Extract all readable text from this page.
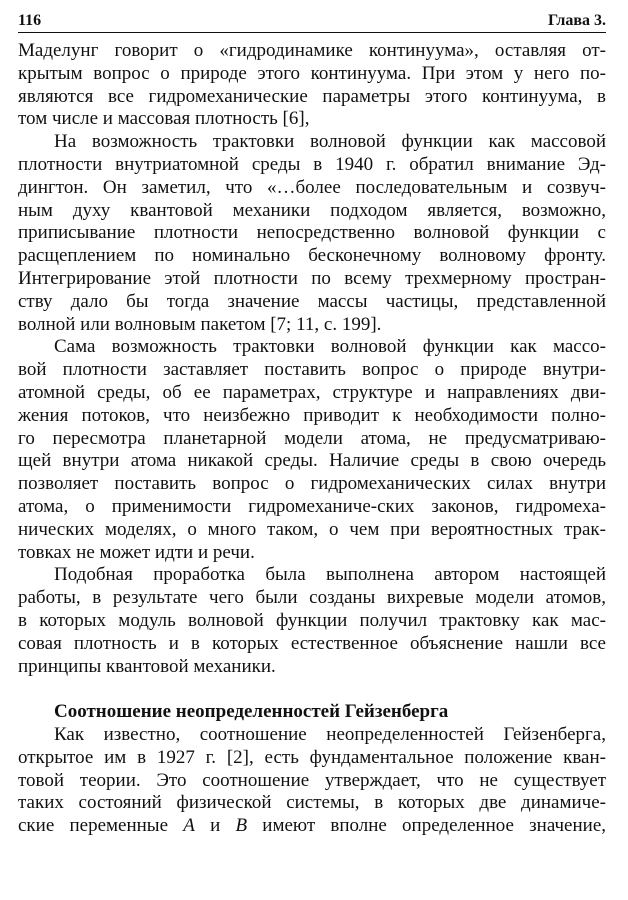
116	Глава 3.
Маделунг говорит о «гидродинамике континуума», оставляя от-
крытым вопрос о природе этого континуума. При этом у него по-
являются все гидромеханические параметры этого континуума, в
том числе и массовая плотность [6],
На возможность трактовки волновой функции как массовой
плотности внутриатомной среды в 1940 г. обратил внимание Эд-
дингтон. Он заметил, что «…более последовательным и созвуч-
ным духу квантовой механики подходом является, возможно,
приписывание плотности непосредственно волновой функции с
расщеплением по номинально бесконечному волновому фронту.
Интегрирование этой плотности по всему трехмерному простран-
ству дало бы тогда значение массы частицы, представленной
волной или волновым пакетом [7; 11, с. 199].
Сама возможность трактовки волновой функции как массо-
вой плотности заставляет поставить вопрос о природе внутри-
атомной среды, об ее параметрах, структуре и направлениях дви-
жения потоков, что неизбежно приводит к необходимости полно-
го пересмотра планетарной модели атома, не предусматриваю-
щей внутри атома никакой среды. Наличие среды в свою очередь
позволяет поставить вопрос о гидромеханических силах внутри
атома, о применимости гидромеханиче-ских законов, гидромеха-
нических моделях, о много таком, о чем при вероятностных трак-
товках не может идти и речи.
Подобная проработка была выполнена автором настоящей
работы, в результате чего были созданы вихревые модели атомов,
в которых модуль волновой функции получил трактовку как мас-
совая плотность и в которых естественное объяснение нашли все
принципы квантовой механики.
Соотношение неопределенностей Гейзенберга
Как известно, соотношение неопределенностей Гейзенберга,
открытое им в 1927 г. [2], есть фундаментальное положение кван-
товой теории. Это соотношение утверждает, что не существует
таких состояний физической системы, в которых две динамиче-
ские переменные A и B имеют вполне определенное значение,
